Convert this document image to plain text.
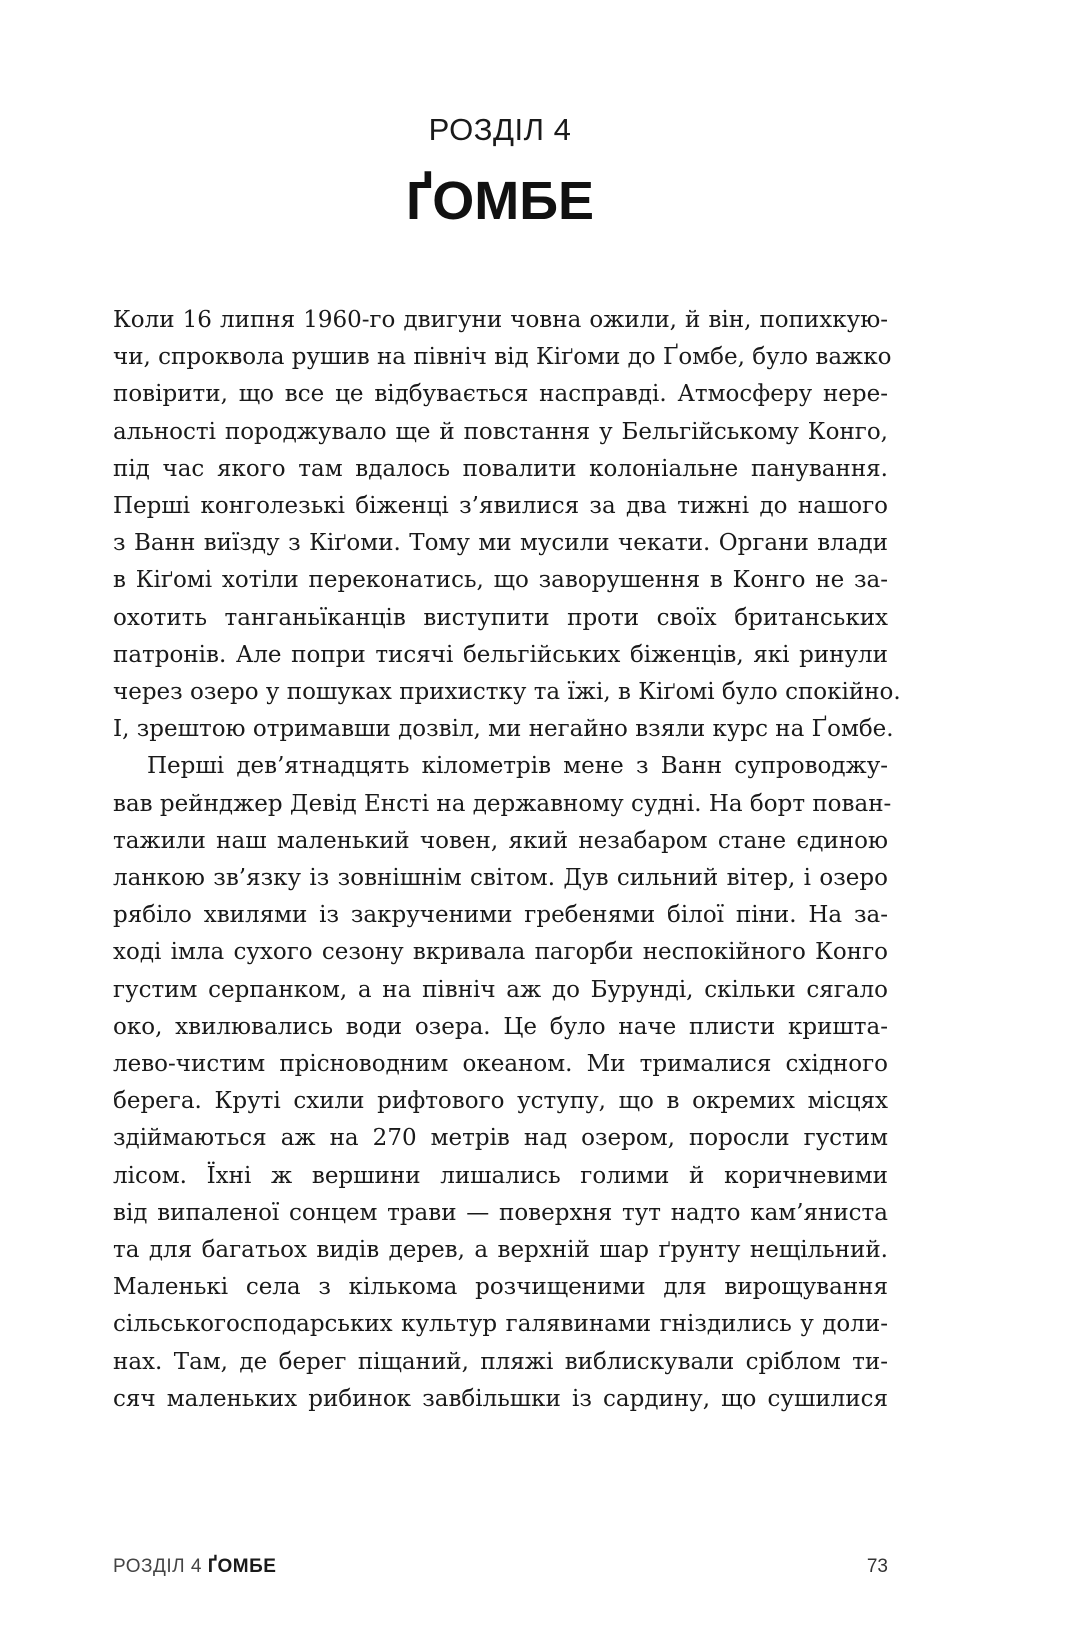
РОЗДІЛ 4
ҐОМБЕ

Коли 16 липня 1960-го двигуни човна ожили, й він, попихкую-
чи, спроквола рушив на північ від Кіґоми до Ґомбе, було важко
повірити, що все це відбувається насправді. Атмосферу нере-
альності породжувало ще й повстання у Бельгійському Конго,
під час якого там вдалось повалити колоніальне панування.
Перші конголезькі біженці з’явилися за два тижні до нашого
з Ванн виїзду з Кіґоми. Тому ми мусили чекати. Органи влади
в Кіґомі хотіли переконатись, що заворушення в Конго не за-
охотить танганьїканців виступити проти своїх британських
патронів. Але попри тисячі бельгійських біженців, які ринули
через озеро у пошуках прихистку та їжі, в Кіґомі було спокійно.
І, зрештою отримавши дозвіл, ми негайно взяли курс на Ґомбе.

Перші дев’ятнадцять кілометрів мене з Ванн супроводжу-
вав рейнджер Девід Енсті на державному судні. На борт пован-
тажили наш маленький човен, який незабаром стане єдиною
ланкою зв’язку із зовнішнім світом. Дув сильний вітер, і озеро
рябіло хвилями із закрученими гребенями білої піни. На за-
ході імла сухого сезону вкривала пагорби неспокійного Конго
густим серпанком, а на північ аж до Бурунді, скільки сягало
око, хвилювались води озера. Це було наче плисти кришта-
лево-чистим прісноводним океаном. Ми трималися східного
берега. Круті схили рифтового уступу, що в окремих місцях
здіймаються аж на 270 метрів над озером, поросли густим
лісом. Їхні ж вершини лишались голими й коричневими
від випаленої сонцем трави — поверхня тут надто кам’яниста
та для багатьох видів дерев, а верхній шар ґрунту нещільний.
Маленькі села з кількома розчищеними для вирощування
сільськогосподарських культур галявинами гніздились у доли-
нах. Там, де берег піщаний, пляжі виблискували сріблом ти-
сяч маленьких рибинок завбільшки із сардину, що сушилися

РОЗДІЛ 4 ҐОМБЕ	73
